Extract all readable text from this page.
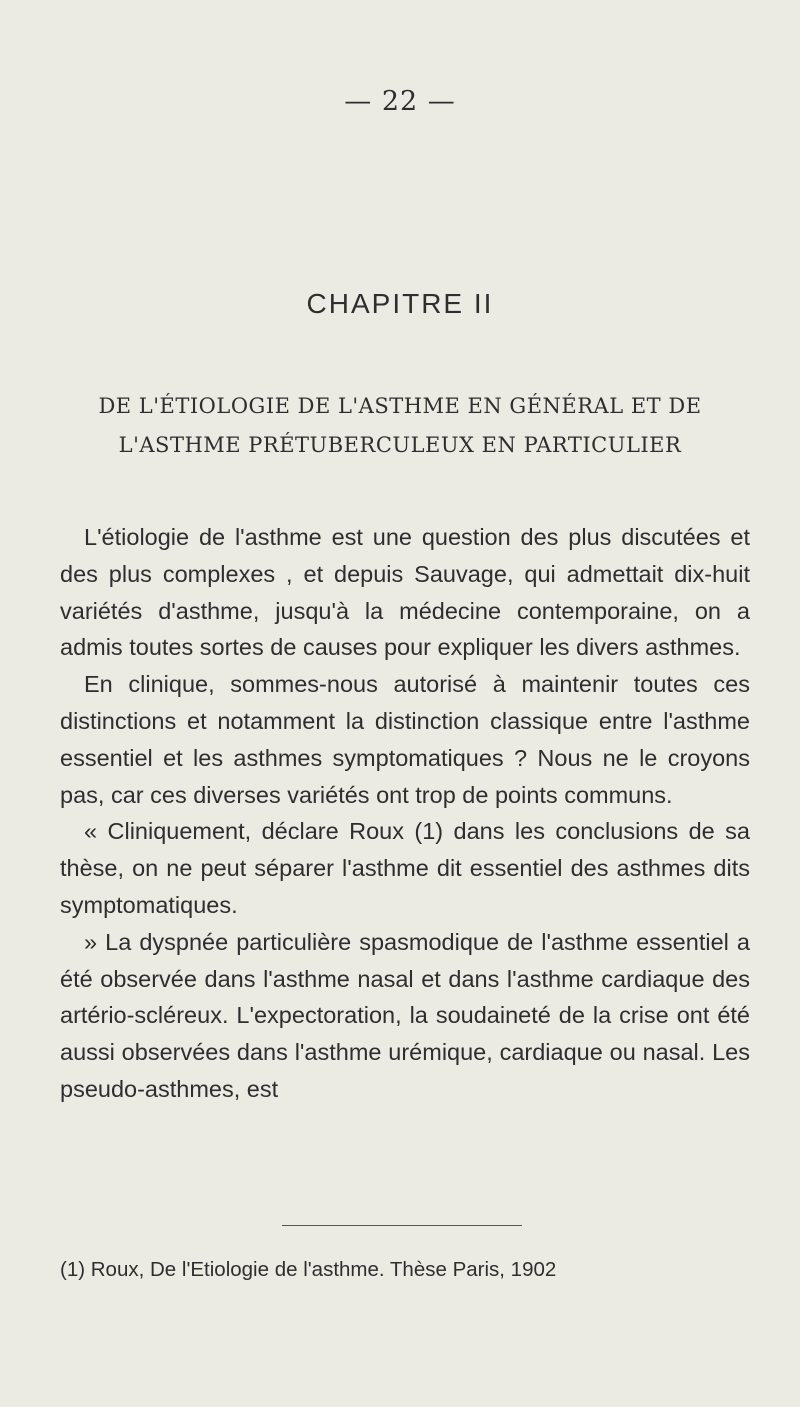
— 22 —
CHAPITRE II
DE L'ÉTIOLOGIE DE L'ASTHME EN GÉNÉRAL ET DE
L'ASTHME PRÉTUBERCULEUX EN PARTICULIER

L'étiologie de l'asthme est une question des plus discutées et des plus complexes , et depuis Sauvage, qui admettait dix-huit variétés d'asthme, jusqu'à la médecine contemporaine, on a admis toutes sortes de causes pour expliquer les divers asthmes.

En clinique, sommes-nous autorisé à maintenir toutes ces distinctions et notamment la distinction classique entre l'asthme essentiel et les asthmes symptomatiques ? Nous ne le croyons pas, car ces diverses variétés ont trop de points communs.

« Cliniquement, déclare Roux (1) dans les conclusions de sa thèse, on ne peut séparer l'asthme dit essentiel des asthmes dits symptomatiques.

» La dyspnée particulière spasmodique de l'asthme essentiel a été observée dans l'asthme nasal et dans l'asthme cardiaque des artério-scléreux. L'expectoration, la soudaineté de la crise ont été aussi observées dans l'asthme urémique, cardiaque ou nasal. Les pseudo-asthmes, est

(1) Roux, De l'Etiologie de l'asthme. Thèse Paris, 1902
